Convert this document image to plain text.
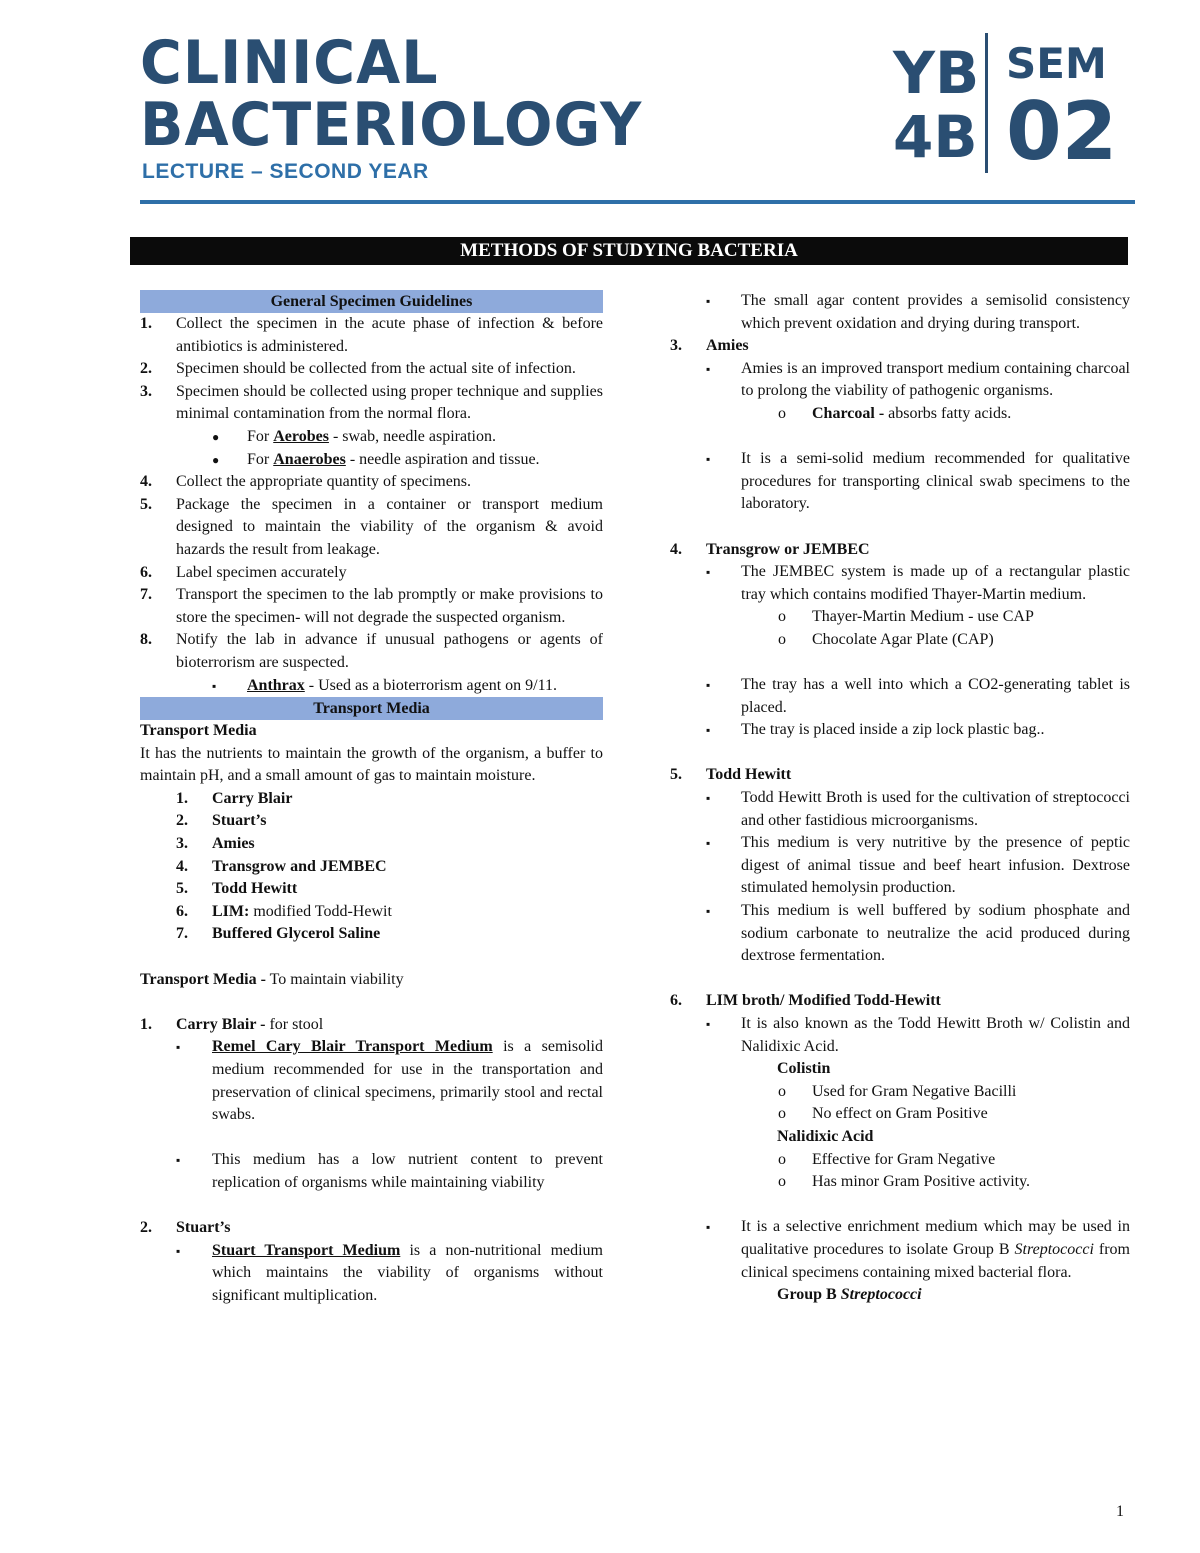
CLINICAL
BACTERIOLOGY
LECTURE – SECOND YEAR
YB
4B
SEM
02
METHODS OF STUDYING BACTERIA
General Specimen Guidelines
1. Collect the specimen in the acute phase of infection & before antibiotics is administered.
2. Specimen should be collected from the actual site of infection.
3. Specimen should be collected using proper technique and supplies minimal contamination from the normal flora.
● For Aerobes - swab, needle aspiration.
● For Anaerobes - needle aspiration and tissue.
4. Collect the appropriate quantity of specimens.
5. Package the specimen in a container or transport medium designed to maintain the viability of the organism & avoid hazards the result from leakage.
6. Label specimen accurately
7. Transport the specimen to the lab promptly or make provisions to store the specimen- will not degrade the suspected organism.
8. Notify the lab in advance if unusual pathogens or agents of bioterrorism are suspected.
▪ Anthrax - Used as a bioterrorism agent on 9/11.
Transport Media
Transport Media
It has the nutrients to maintain the growth of the organism, a buffer to maintain pH, and a small amount of gas to maintain moisture.
1. Carry Blair
2. Stuart’s
3. Amies
4. Transgrow and JEMBEC
5. Todd Hewitt
6. LIM: modified Todd-Hewit
7. Buffered Glycerol Saline
Transport Media - To maintain viability
1. Carry Blair - for stool
▪ Remel Cary Blair Transport Medium is a semisolid medium recommended for use in the transportation and preservation of clinical specimens, primarily stool and rectal swabs.
▪ This medium has a low nutrient content to prevent replication of organisms while maintaining viability
2. Stuart’s
▪ Stuart Transport Medium is a non-nutritional medium which maintains the viability of organisms without significant multiplication.
▪ The small agar content provides a semisolid consistency which prevent oxidation and drying during transport.
3. Amies
▪ Amies is an improved transport medium containing charcoal to prolong the viability of pathogenic organisms.
o Charcoal - absorbs fatty acids.
▪ It is a semi-solid medium recommended for qualitative procedures for transporting clinical swab specimens to the laboratory.
4. Transgrow or JEMBEC
▪ The JEMBEC system is made up of a rectangular plastic tray which contains modified Thayer-Martin medium.
o Thayer-Martin Medium - use CAP
o Chocolate Agar Plate (CAP)
▪ The tray has a well into which a CO2-generating tablet is placed.
▪ The tray is placed inside a zip lock plastic bag..
5. Todd Hewitt
▪ Todd Hewitt Broth is used for the cultivation of streptococci and other fastidious microorganisms.
▪ This medium is very nutritive by the presence of peptic digest of animal tissue and beef heart infusion. Dextrose stimulated hemolysin production.
▪ This medium is well buffered by sodium phosphate and sodium carbonate to neutralize the acid produced during dextrose fermentation.
6. LIM broth/ Modified Todd-Hewitt
▪ It is also known as the Todd Hewitt Broth w/ Colistin and Nalidixic Acid.
Colistin
o Used for Gram Negative Bacilli
o No effect on Gram Positive
Nalidixic Acid
o Effective for Gram Negative
o Has minor Gram Positive activity.
▪ It is a selective enrichment medium which may be used in qualitative procedures to isolate Group B Streptococci from clinical specimens containing mixed bacterial flora.
Group B Streptococci
1
